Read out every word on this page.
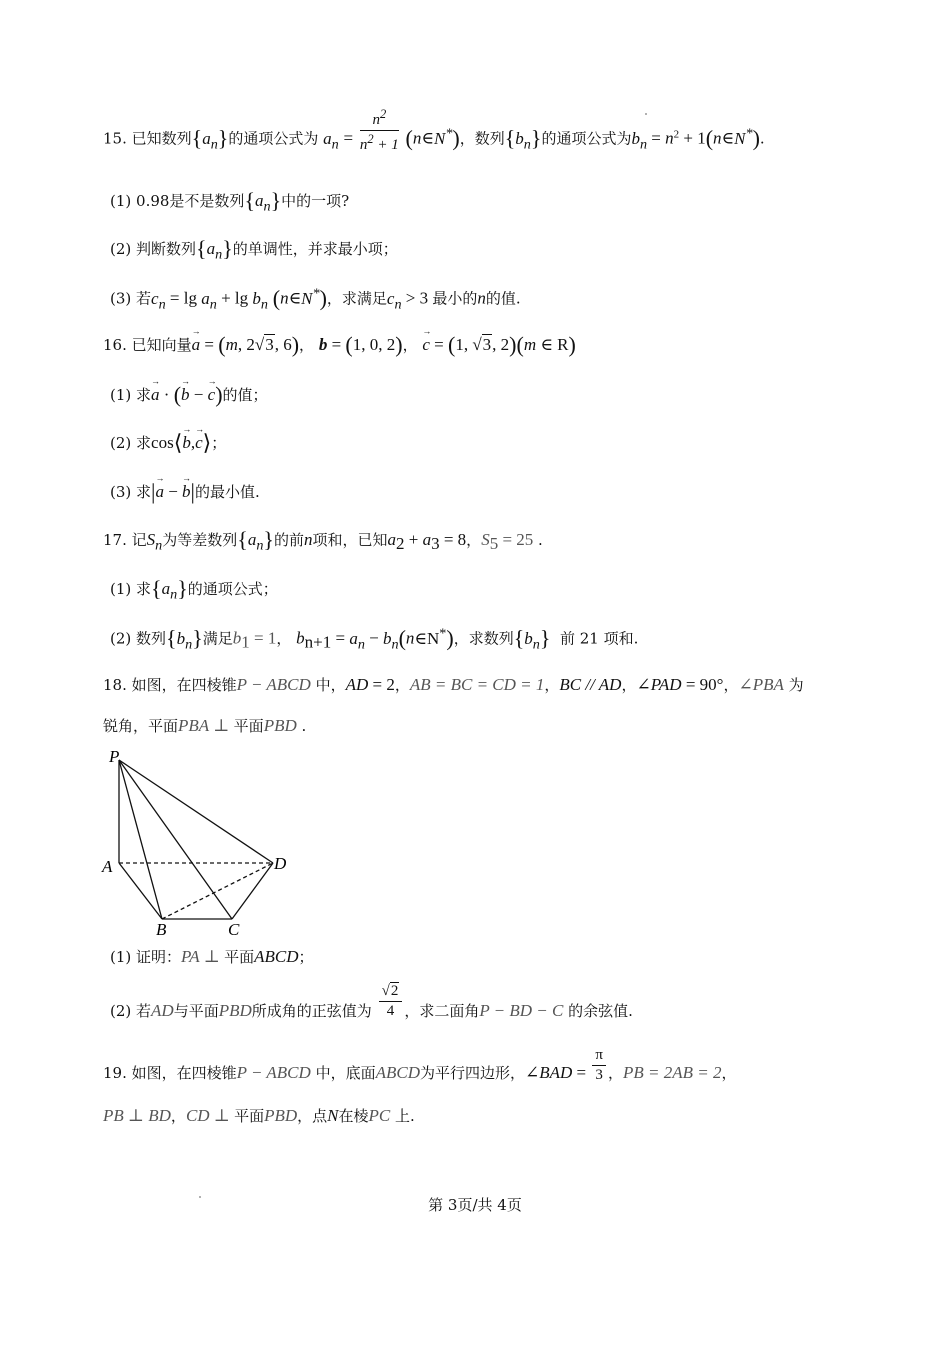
15. 已知数列$\{a_n\}$的通项公式为 $a_n = \frac{n^2}{n^2 + 1}$ (n∈N*)，数列$\{b_n\}$的通项公式为$b_n = n^2$ + 1(n∈N*).
(1) 0.98是不是数列$\{a_n\}$中的一项?
(2) 判断数列$\{a_n\}$的单调性，并求最小项；
(3) 若$c_n = \lg a_n + \lg b_n$ (n∈N*)，求满足$c_n > 3$ 最小的n的值.
16. 已知向量→ a = (m, 2√3, 6)， b = (1, 0, 2)， → c = (1, √3, 2)(m ∈ R)
(1) 求→ a · (→ b − → c)的值；
(2) 求cos⟨→ b,→ c⟩；
(3) 求|→ a − → b|的最小值.
17. 记$S_n$为等差数列$\{a_n\}$的前n项和，已知$a_2 + a_3 = 8$，$S_5 = 25$ .
(1) 求$\{a_n\}$的通项公式；
(2) 数列$\{b_n\}$满足$b_1 = 1$， $b_{n+1} = a_n$ − $b_n(n\in N^*)$，求数列$\{b_n\}$ 前 21 项和.
18. 如图，在四棱锥P − ABCD 中，AD = 2，AB = BC = CD = 1，BC // AD，∠PAD = 90°，∠PBA 为
锐角，平面PBA ⊥ 平面PBD .
P
A
B	C
D
(1) 证明：PA ⊥ 平面ABCD；
(2) 若AD与平面PBD所成角的正弦值为 $\frac{√2}{4}$ ，求二面角P − BD − C 的余弦值.
19. 如图，在四棱锥P − ABCD 中，底面ABCD为平行四边形，∠BAD = $\frac{\pi}{3}$ ，PB = 2AB = 2，
PB ⊥ BD，CD ⊥ 平面PBD，点N在棱PC 上.
第 3页/共 4页
